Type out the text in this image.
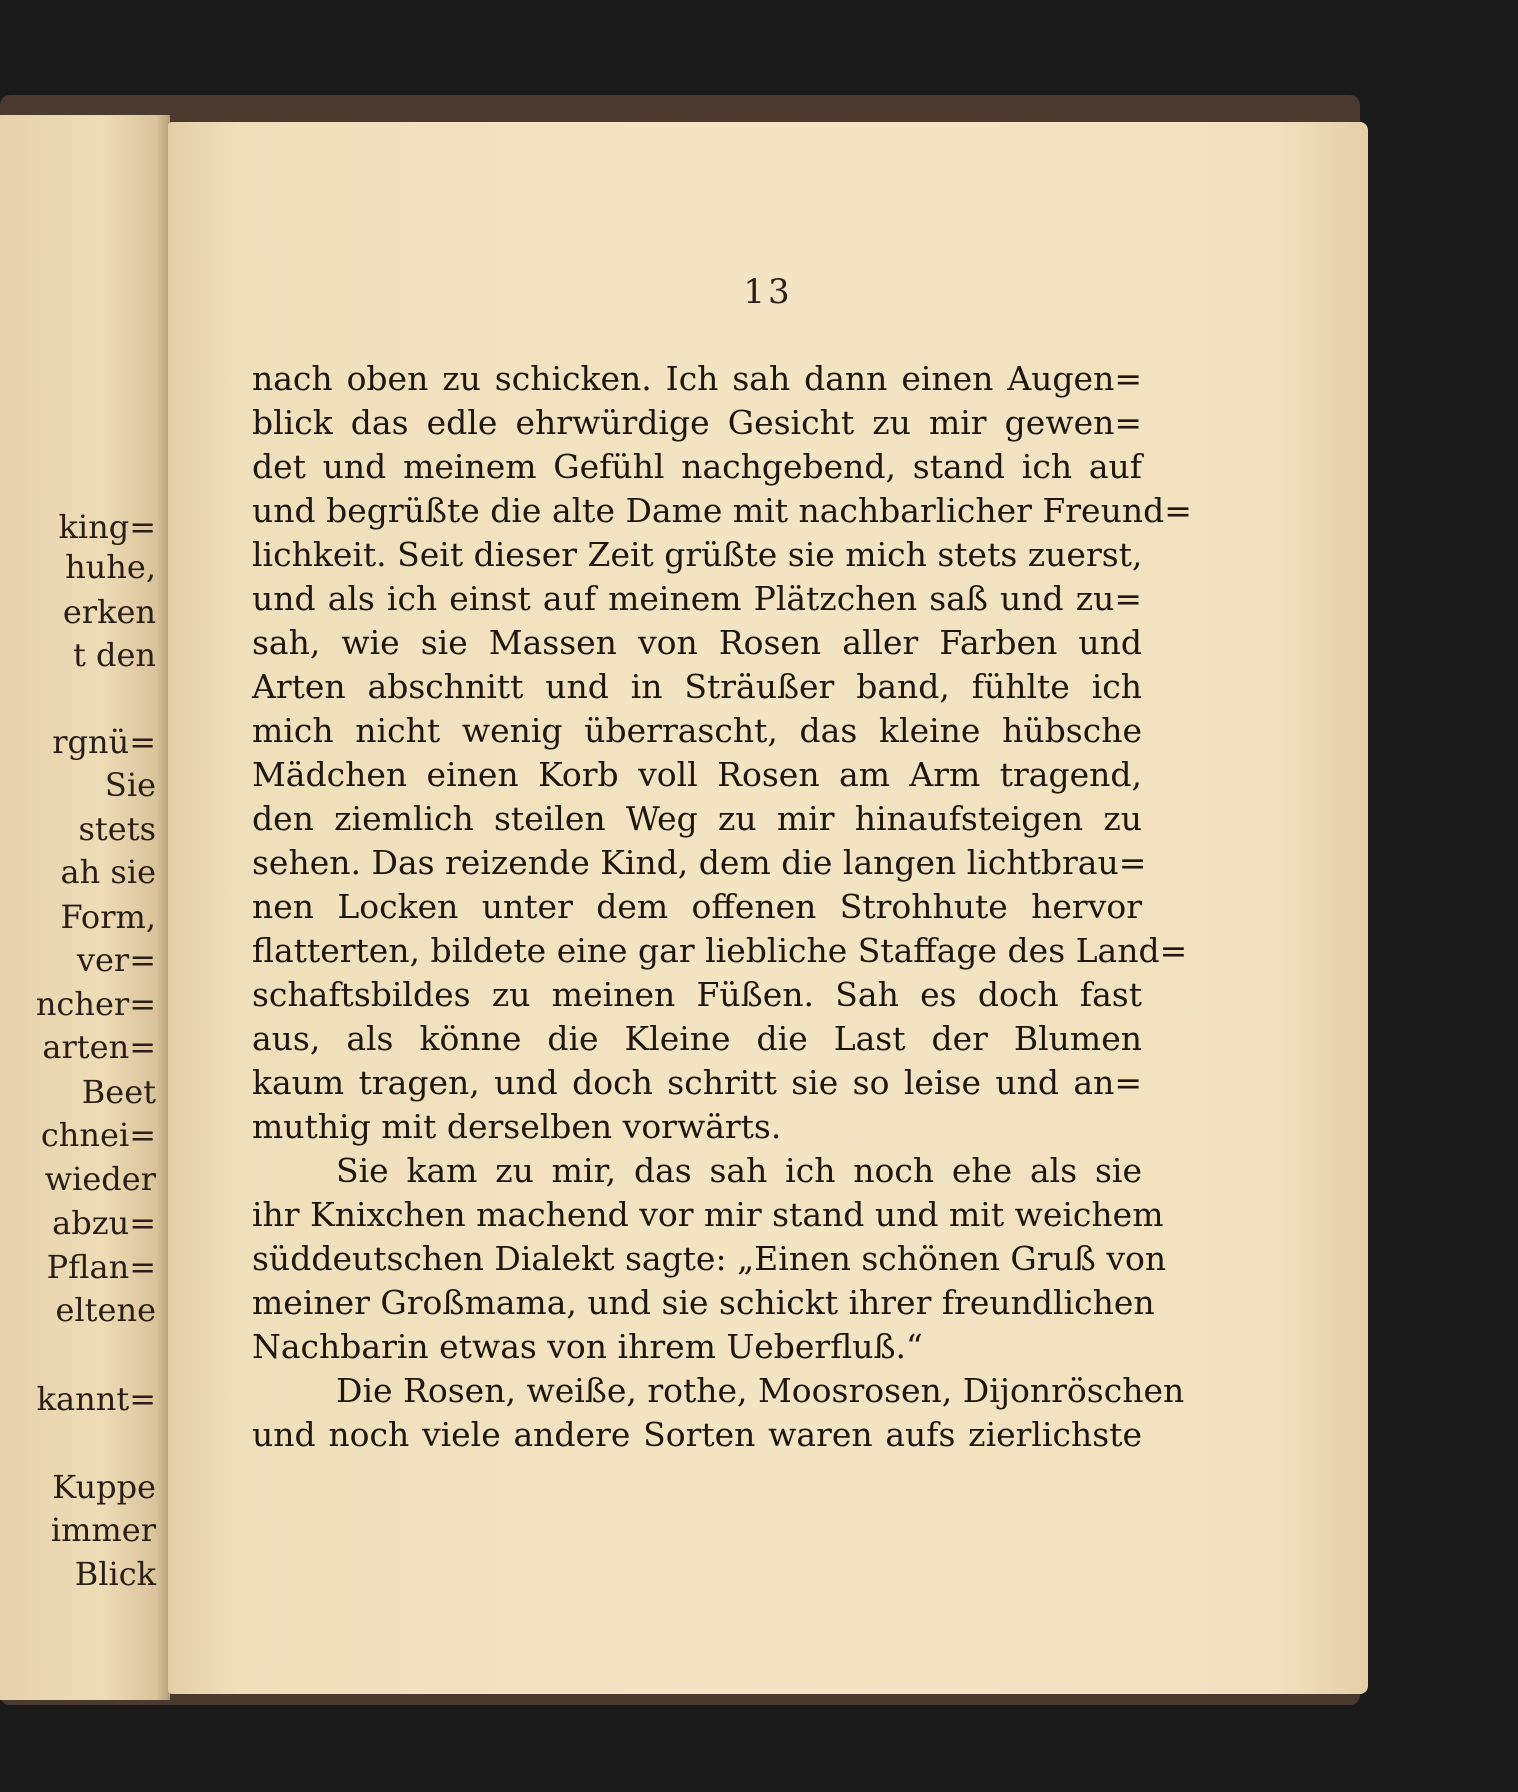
king=
huhe,
erken
t den
rgnü=
Sie
stets
ah sie
Form,
ver=
ncher=
arten=
Beet
chnei=
wieder
abzu=
Pflan=
eltene
kannt=
Kuppe
immer
Blick
13
nach oben zu schicken. Ich sah dann einen Augen=
blick das edle ehrwürdige Gesicht zu mir gewen=
det und meinem Gefühl nachgebend, stand ich auf
und begrüßte die alte Dame mit nachbarlicher Freund=
lichkeit. Seit dieser Zeit grüßte sie mich stets zuerst,
und als ich einst auf meinem Plätzchen saß und zu=
sah, wie sie Massen von Rosen aller Farben und
Arten abschnitt und in Sträußer band, fühlte ich
mich nicht wenig überrascht, das kleine hübsche
Mädchen einen Korb voll Rosen am Arm tragend,
den ziemlich steilen Weg zu mir hinaufsteigen zu
sehen. Das reizende Kind, dem die langen lichtbrau=
nen Locken unter dem offenen Strohhute hervor
flatterten, bildete eine gar liebliche Staffage des Land=
schaftsbildes zu meinen Füßen. Sah es doch fast
aus, als könne die Kleine die Last der Blumen
kaum tragen, und doch schritt sie so leise und an=
muthig mit derselben vorwärts.
Sie kam zu mir, das sah ich noch ehe als sie
ihr Knixchen machend vor mir stand und mit weichem
süddeutschen Dialekt sagte: „Einen schönen Gruß von
meiner Großmama, und sie schickt ihrer freundlichen
Nachbarin etwas von ihrem Ueberfluß.“
Die Rosen, weiße, rothe, Moosrosen, Dijonröschen
und noch viele andere Sorten waren aufs zierlichste
